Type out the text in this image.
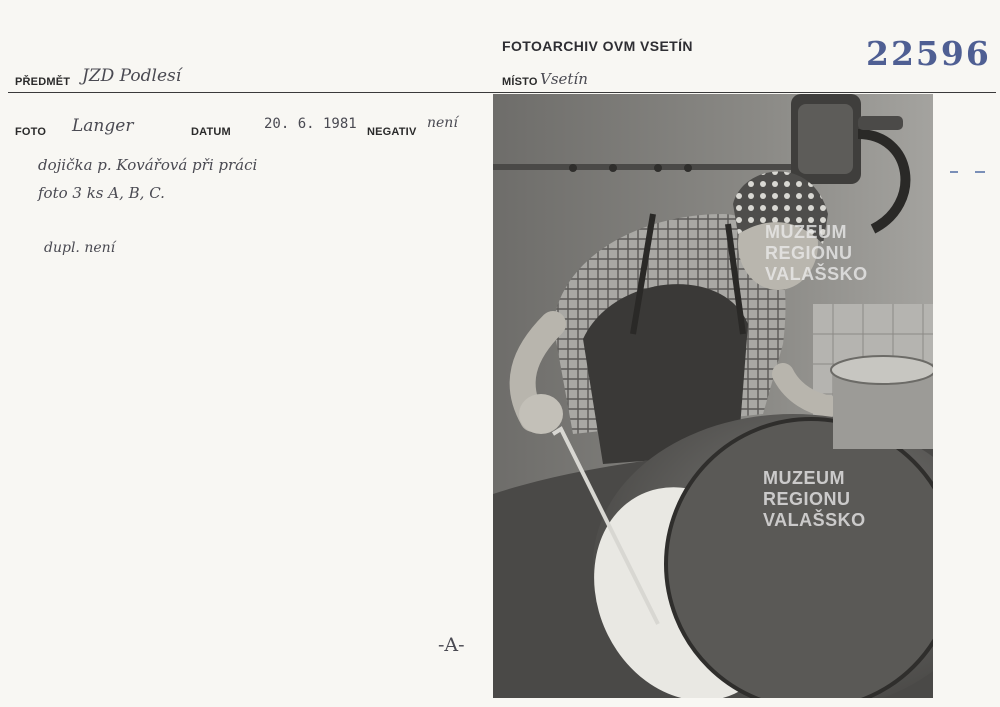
FOTOARCHIV OVM VSETÍN	22596
PŘEDMĚT JZD Podlesí	MÍSTO Vsetín
FOTO Langer	DATUM 20. 6. 1981 NEGATIV
není
dojička p. Kovářová při práci
foto 3 ks A, B, C.
dupl. není
-A-
MUZEUM
REGIONU
VALAŠSKO
MUZEUM
REGIONU
VALAŠSKO
